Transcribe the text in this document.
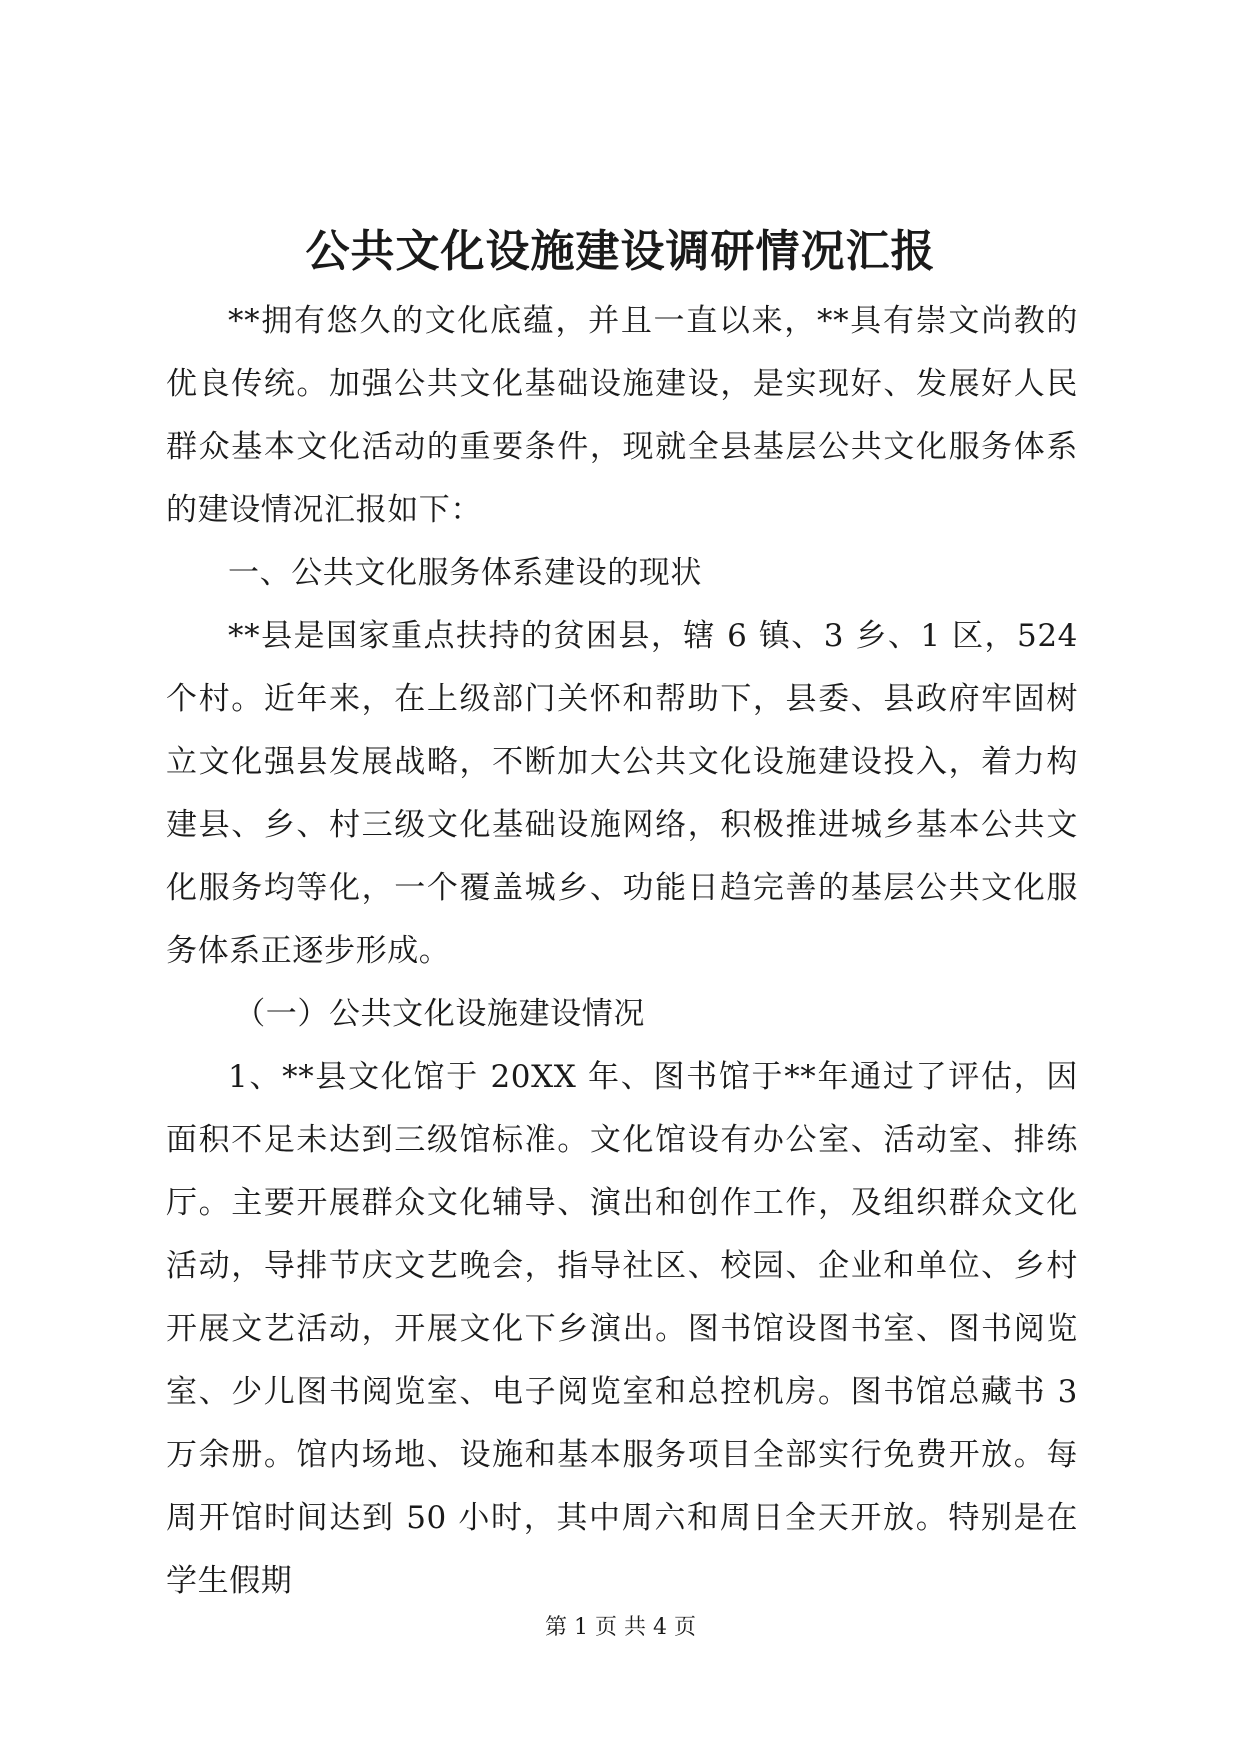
公共文化设施建设调研情况汇报

**拥有悠久的文化底蕴，并且一直以来，**具有崇文尚教的优良传统。加强公共文化基础设施建设，是实现好、发展好人民群众基本文化活动的重要条件，现就全县基层公共文化服务体系的建设情况汇报如下：

一、公共文化服务体系建设的现状

**县是国家重点扶持的贫困县，辖 6 镇、3 乡、1 区，524 个村。近年来，在上级部门关怀和帮助下，县委、县政府牢固树立文化强县发展战略，不断加大公共文化设施建设投入，着力构建县、乡、村三级文化基础设施网络，积极推进城乡基本公共文化服务均等化，一个覆盖城乡、功能日趋完善的基层公共文化服务体系正逐步形成。

（一）公共文化设施建设情况

1、**县文化馆于 20XX 年、图书馆于**年通过了评估，因面积不足未达到三级馆标准。文化馆设有办公室、活动室、排练厅。主要开展群众文化辅导、演出和创作工作，及组织群众文化活动，导排节庆文艺晚会，指导社区、校园、企业和单位、乡村开展文艺活动，开展文化下乡演出。图书馆设图书室、图书阅览室、少儿图书阅览室、电子阅览室和总控机房。图书馆总藏书 3 万余册。馆内场地、设施和基本服务项目全部实行免费开放。每周开馆时间达到 50 小时，其中周六和周日全天开放。特别是在学生假期

第 1 页 共 4 页
